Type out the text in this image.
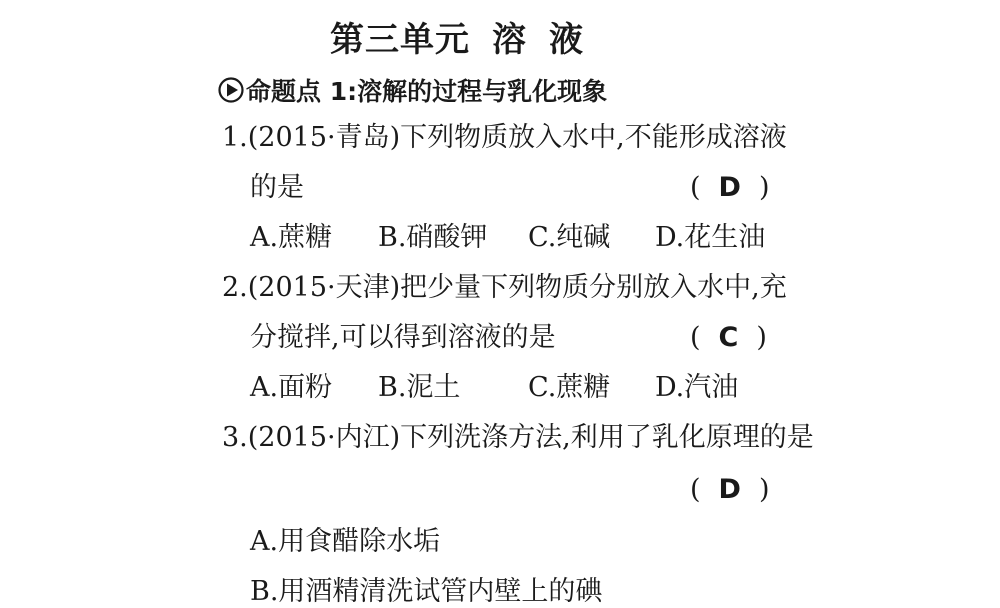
第三单元 溶 液
命题点 1:溶解的过程与乳化现象
1.(2015·青岛)下列物质放入水中,不能形成溶液
的是	( D )
A.蔗糖 B.硝酸钾 C.纯碱 D.花生油
2.(2015·天津)把少量下列物质分别放入水中,充
分搅拌,可以得到溶液的是	( C )
A.面粉 B.泥土	C.蔗糖 D.汽油
3.(2015·内江)下列洗涤方法,利用了乳化原理的是
( D )
A.用食醋除水垢
B.用酒精清洗试管内壁上的碘
